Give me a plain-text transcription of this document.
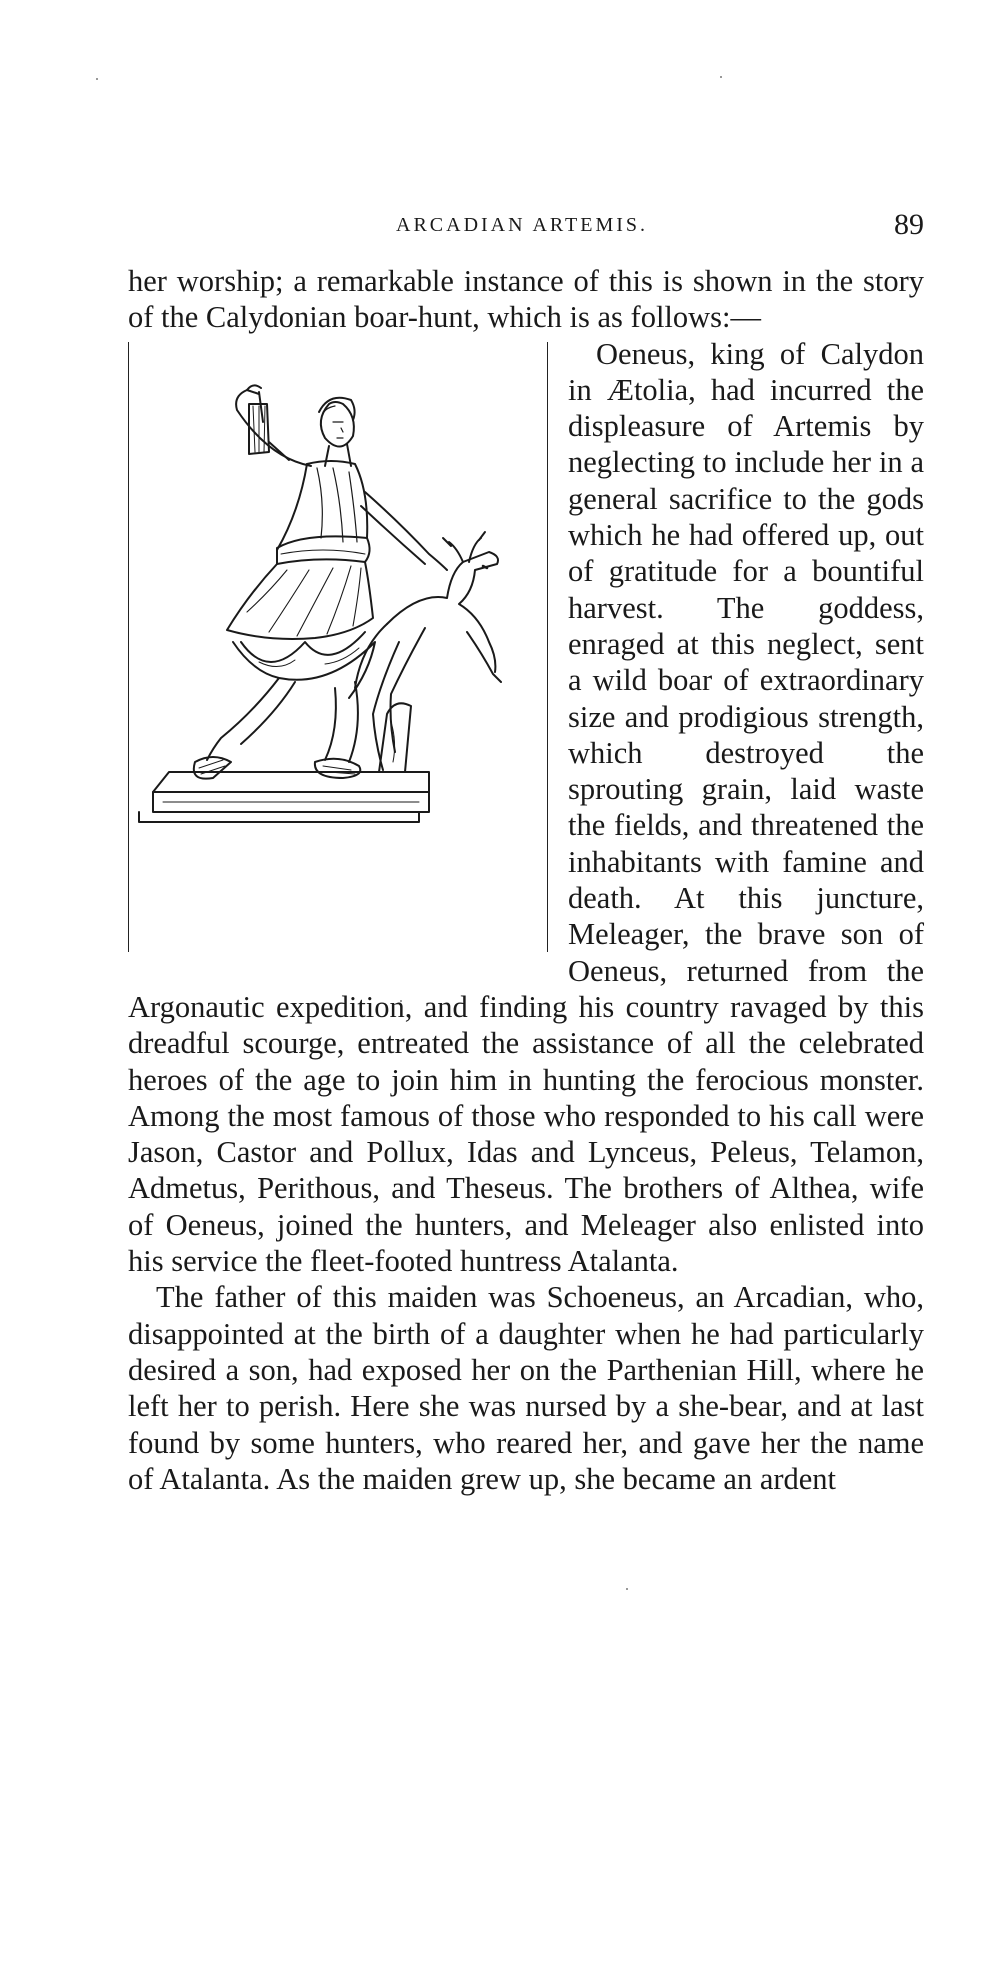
ARCADIAN ARTEMIS.	89

her worship; a remarkable instance of this is shown in the story of the Calydonian boar-hunt, which is as follows:—

Oeneus, king of Calydon in Ætolia, had incurred the displeasure of Artemis by neglecting to include her in a general sacrifice to the gods which he had offered up, out of gratitude for a bountiful harvest. The goddess, enraged at this neglect, sent a wild boar of extraordinary size and prodigious strength, which destroyed the sprouting grain, laid waste the fields, and threatened the inhabitants with famine and death. At this juncture, Meleager, the brave son of Oeneus, returned from the Argonautic expedition, and finding his country ravaged by this dreadful scourge, entreated the assistance of all the celebrated heroes of the age to join him in hunting the ferocious monster. Among the most famous of those who responded to his call were Jason, Castor and Pollux, Idas and Lynceus, Peleus, Telamon, Admetus, Perithous, and Theseus. The brothers of Althea, wife of Oeneus, joined the hunters, and Meleager also enlisted into his service the fleet-footed huntress Atalanta.

The father of this maiden was Schoeneus, an Arcadian, who, disappointed at the birth of a daughter when he had particularly desired a son, had exposed her on the Parthenian Hill, where he left her to perish. Here she was nursed by a she-bear, and at last found by some hunters, who reared her, and gave her the name of Atalanta. As the maiden grew up, she became an ardent
